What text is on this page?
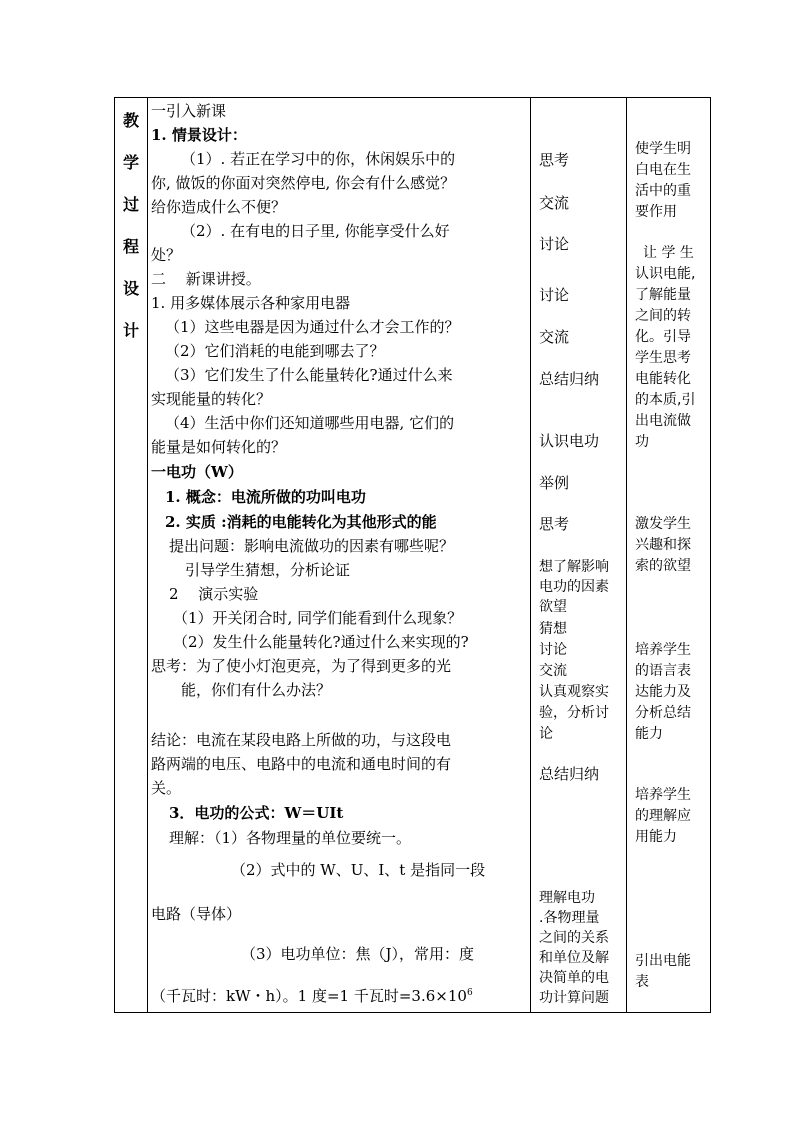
教
学
过
程
设
计
一引入新课
1. 情景设计：
（1）. 若正在学习中的你，休闲娱乐中的
你, 做饭的你面对突然停电, 你会有什么感觉？
给你造成什么不便？
（2）. 在有电的日子里, 你能享受什么好
处？
二　 新课讲授。
1. 用多媒体展示各种家用电器
（1）这些电器是因为通过什么才会工作的？
（2）它们消耗的电能到哪去了？
（3）它们发生了什么能量转化?通过什么来
实现能量的转化？
（4）生活中你们还知道哪些用电器, 它们的
能量是如何转化的？
一电功（W）
1. 概念：电流所做的功叫电功
2. 实质 :消耗的电能转化为其他形式的能
提出问题：影响电流做功的因素有哪些呢？
引导学生猜想，分析论证
2　 演示实验
（1）开关闭合时, 同学们能看到什么现象？
（2）发生什么能量转化?通过什么来实现的?
思考：为了使小灯泡更亮，为了得到更多的光
能，你们有什么办法？
结论：电流在某段电路上所做的功，与这段电
路两端的电压、电路中的电流和通电时间的有
关。
3．电功的公式：W＝UIt
理解：（1）各物理量的单位要统一。
（2）式中的 W、U、I、t 是指同一段
电路（导体）
（3）电功单位：焦（J），常用：度
（千瓦时：kW・h）。1 度=1 千瓦时$=3.6\times 10^6$
思考
交流
讨论
讨论
交流
总结归纳
认识电功
举例
思考
想了解影响
电功的因素
欲望
猜想
讨论
交流
认真观察实
验，分析讨
论
总结归纳
理解电功
.各物理量
之间的关系
和单位及解
决简单的电
功计算问题
使学生明
白电在生
活中的重
要作用
让 学 生
认识电能,
了解能量
之间的转
化。引导
学生思考
电能转化
的本质,引
出电流做
功
激发学生
兴趣和探
索的欲望
培养学生
的语言表
达能力及
分析总结
能力
培养学生
的理解应
用能力
引出电能
表
